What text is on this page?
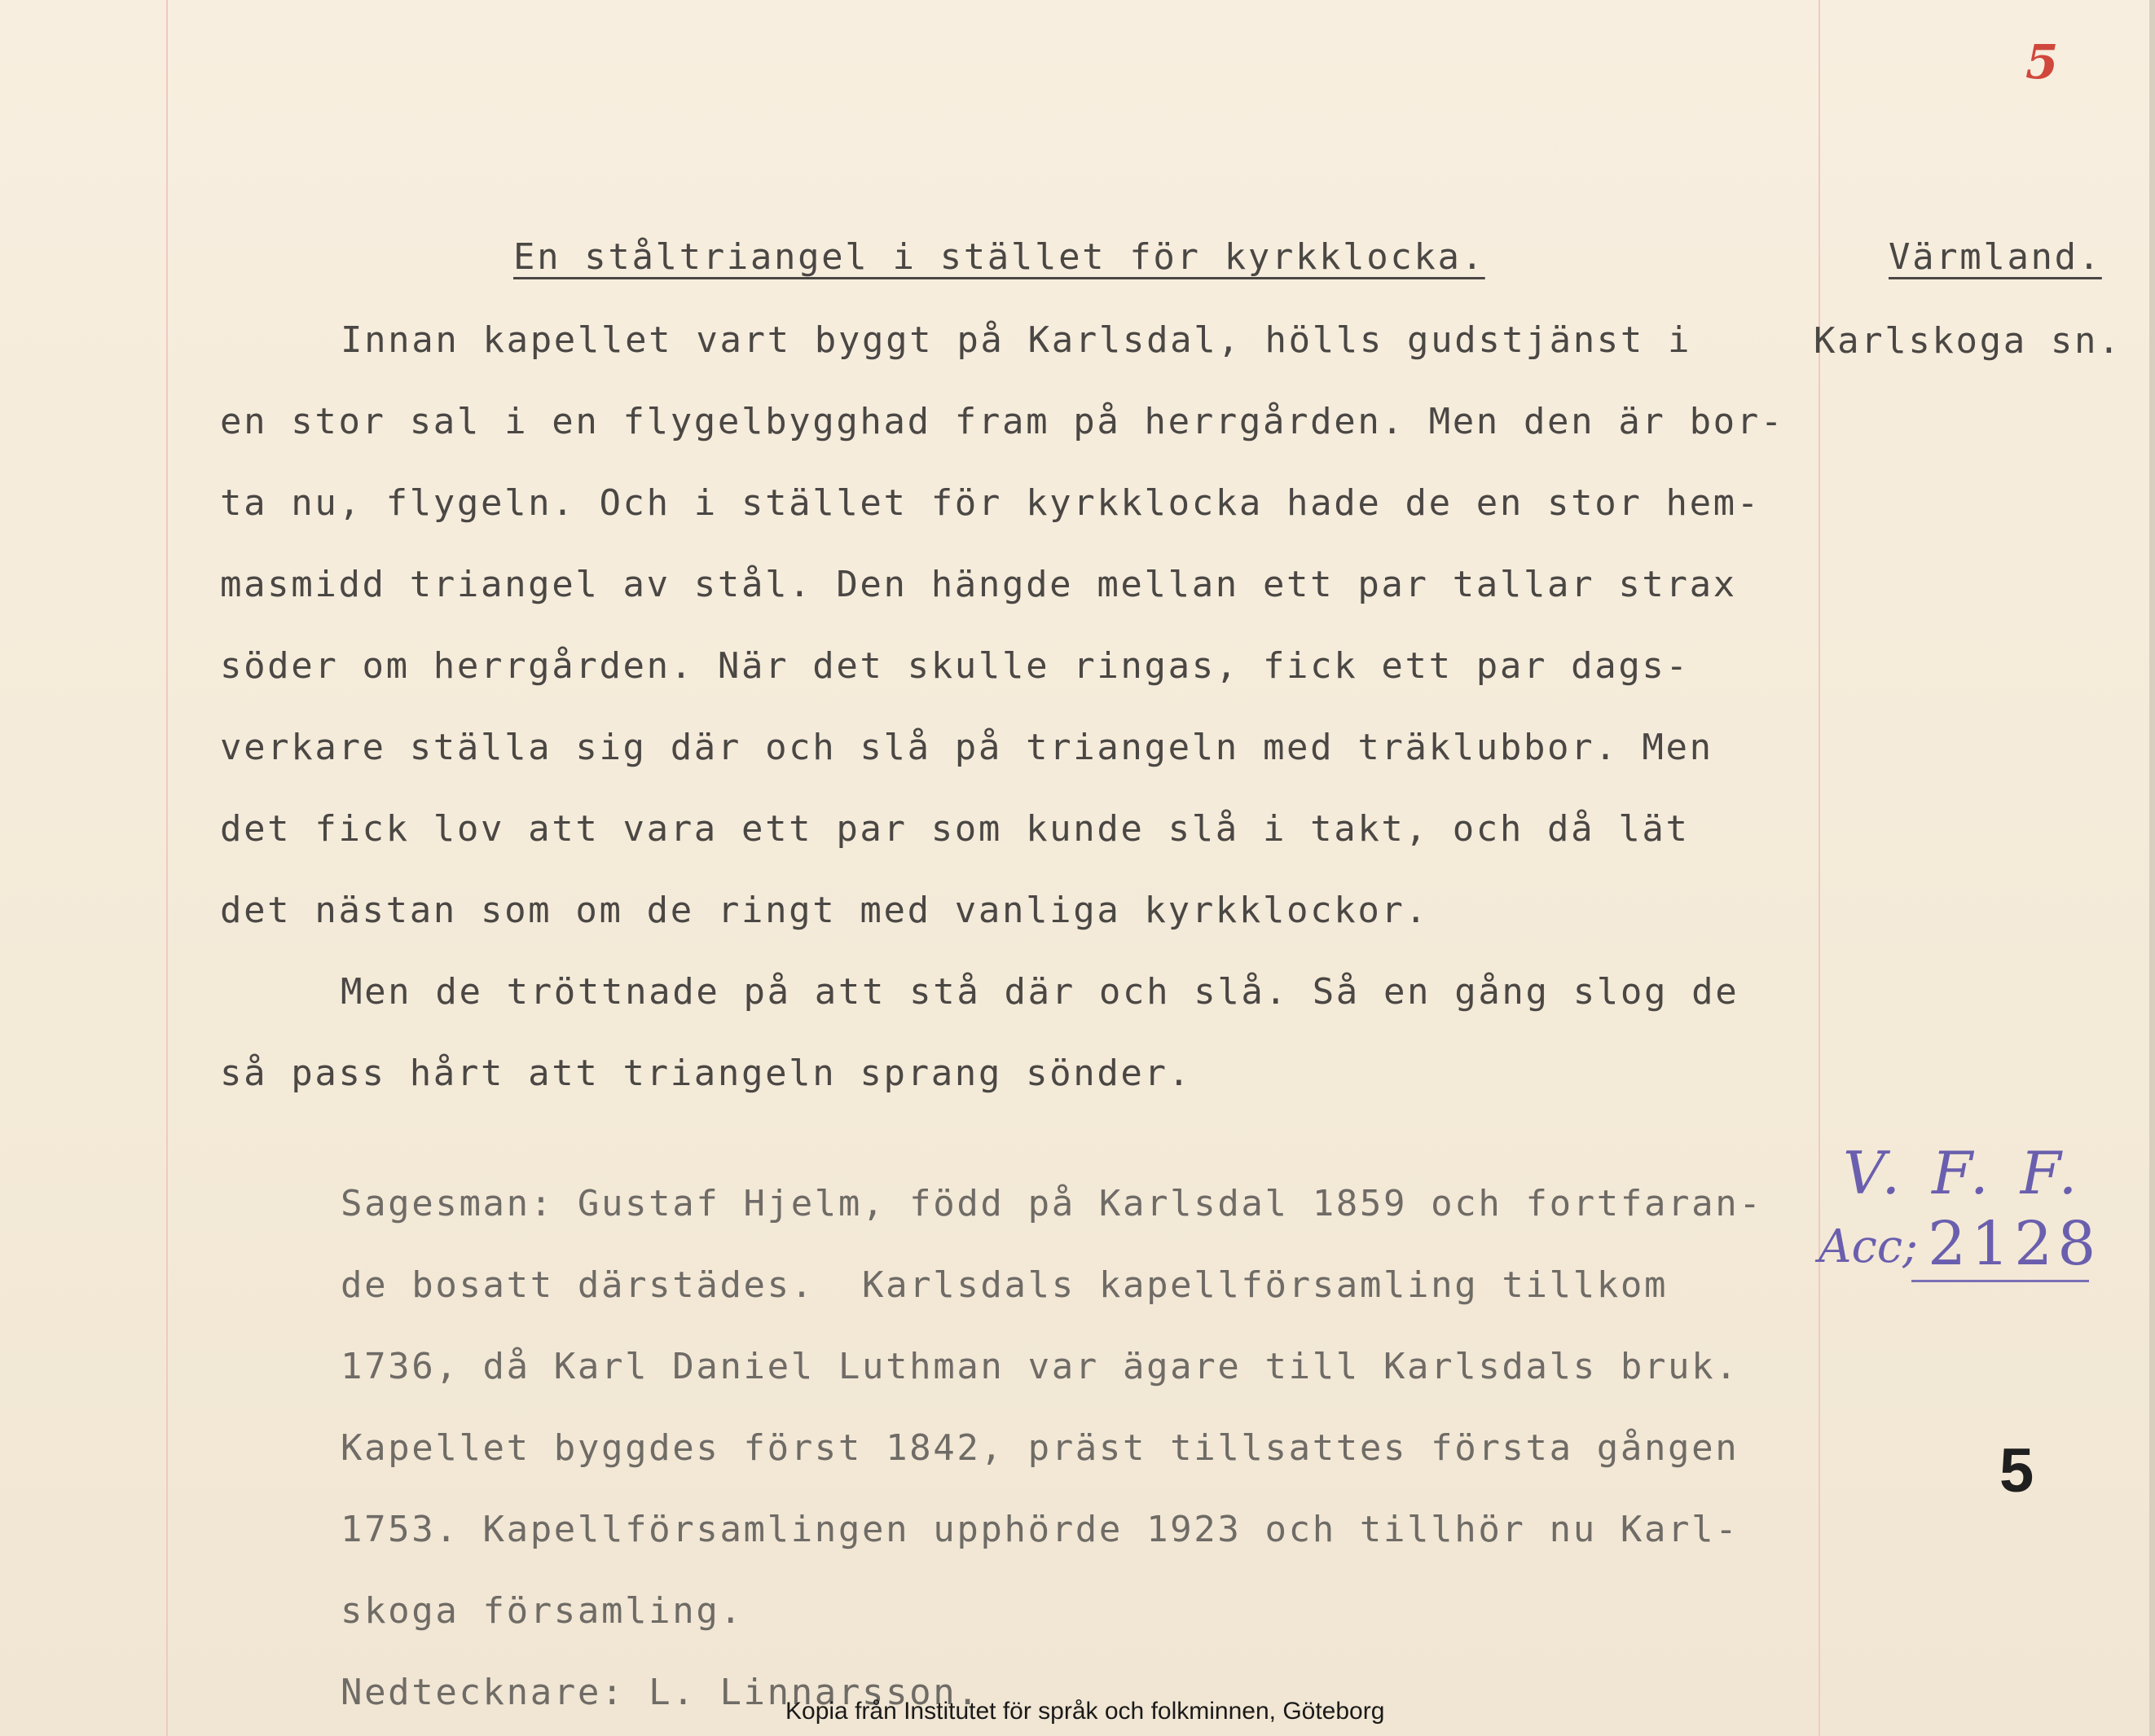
5
En ståltriangel i stället för kyrkklocka.	Värmland.
Karlskoga sn.
Innan kapellet vart byggt på Karlsdal, hölls gudstjänst i
en stor sal i en flygelbygghad fram på herrgården. Men den är bor-
ta nu, flygeln. Och i stället för kyrkklocka hade de en stor hem-
masmidd triangel av stål. Den hängde mellan ett par tallar strax
söder om herrgården. När det skulle ringas, fick ett par dags-
verkare ställa sig där och slå på triangeln med träklubbor. Men
det fick lov att vara ett par som kunde slå i takt, och då lät
det nästan som om de ringt med vanliga kyrkklockor.
Men de tröttnade på att stå där och slå. Så en gång slog de
så pass hårt att triangeln sprang sönder.
Sagesman: Gustaf Hjelm, född på Karlsdal 1859 och fortfaran-
de bosatt därstädes.  Karlsdals kapellförsamling tillkom
1736, då Karl Daniel Luthman var ägare till Karlsdals bruk.
Kapellet byggdes först 1842, präst tillsattes första gången
1753. Kapellförsamlingen upphörde 1923 och tillhör nu Karl-
skoga församling.
Nedtecknare: L. Linnarsson.
V. F. F.
Acc; 2128
5
Kopia från Institutet för språk och folkminnen, Göteborg
